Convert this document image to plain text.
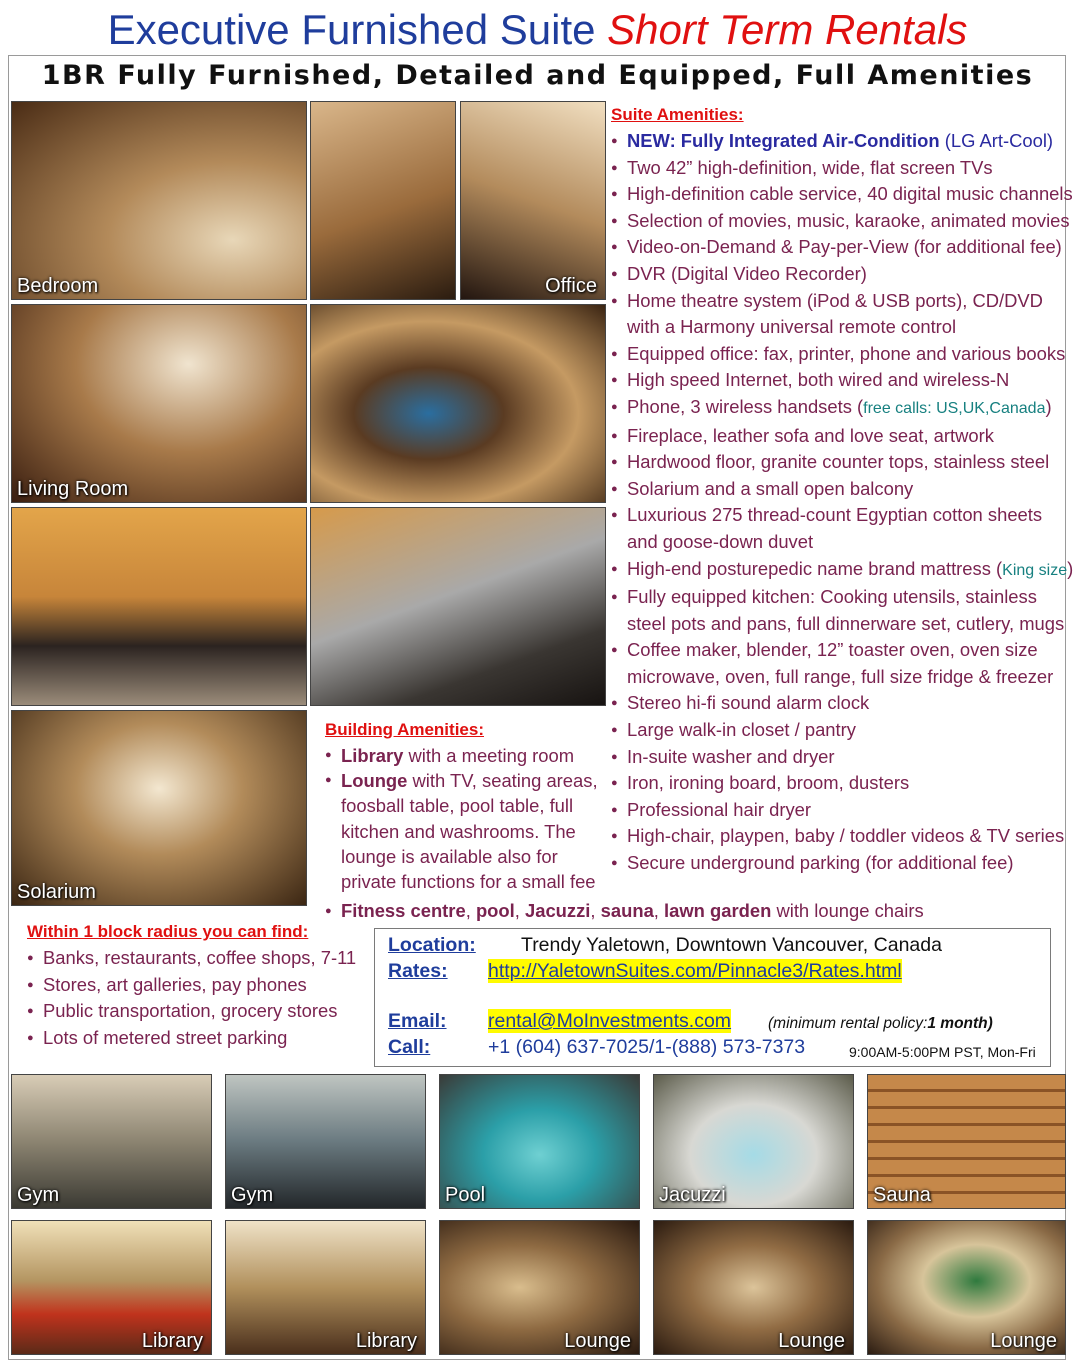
Executive Furnished Suite Short Term Rentals
1BR Fully Furnished, Detailed and Equipped, Full Amenities
Bedroom	Office
Living Room
Solarium
Suite Amenities:
● NEW: Fully Integrated Air-Condition (LG Art-Cool)
● Two 42” high-definition, wide, flat screen TVs
● High-definition cable service, 40 digital music channels
● Selection of movies, music, karaoke, animated movies
● Video-on-Demand & Pay-per-View (for additional fee)
● DVR (Digital Video Recorder)
● Home theatre system (iPod & USB ports), CD/DVD
with a Harmony universal remote control
● Equipped office: fax, printer, phone and various books
● High speed Internet, both wired and wireless-N
● Phone, 3 wireless handsets (free calls: US,UK,Canada)
● Fireplace, leather sofa and love seat, artwork
● Hardwood floor, granite counter tops, stainless steel
● Solarium and a small open balcony
● Luxurious 275 thread-count Egyptian cotton sheets
and goose-down duvet
● High-end posturepedic name brand mattress (King size)
● Fully equipped kitchen: Cooking utensils, stainless
steel pots and pans, full dinnerware set, cutlery, mugs
● Coffee maker, blender, 12” toaster oven, oven size
microwave, oven, full range, full size fridge & freezer
● Stereo hi-fi sound alarm clock
● Large walk-in closet / pantry
● In-suite washer and dryer
● Iron, ironing board, broom, dusters
● Professional hair dryer
● High-chair, playpen, baby / toddler videos & TV series
● Secure underground parking (for additional fee)
Building Amenities:
● Library with a meeting room
● Lounge with TV, seating areas, foosball table, pool table, full kitchen and washrooms. The lounge is available also for private functions for a small fee
● Fitness centre, pool, Jacuzzi, sauna, lawn garden with lounge chairs
Within 1 block radius you can find:
● Banks, restaurants, coffee shops, 7-11
● Stores, art galleries, pay phones
● Public transportation, grocery stores
● Lots of metered street parking
Location: Trendy Yaletown, Downtown Vancouver, Canada
Rates: http://YaletownSuites.com/Pinnacle3/Rates.html
Email: rental@MoInvestments.com (minimum rental policy:1 month)
Call:	+1 (604) 637-7025/1-(888) 573-7373	9:00AM-5:00PM PST, Mon-Fri
Gym	Gym	Pool	Jacuzzi	Sauna
Library	Library	Lounge	Lounge	Lounge
